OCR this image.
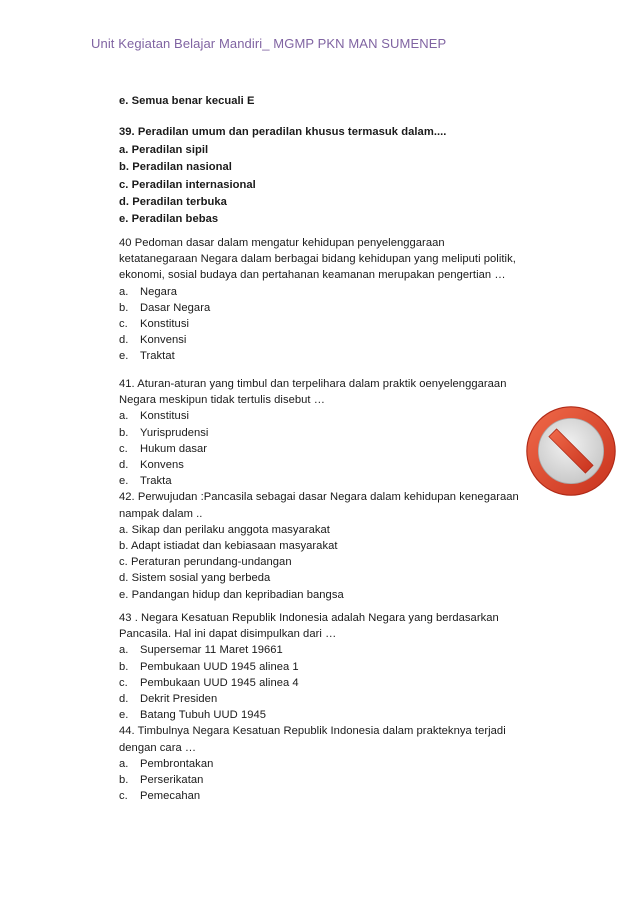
Unit Kegiatan Belajar Mandiri_ MGMP PKN MAN SUMENEP
e. Semua benar kecuali E
39. Peradilan umum dan peradilan khusus termasuk dalam....
a. Peradilan sipil
b. Peradilan nasional
c. Peradilan internasional
d. Peradilan terbuka
e. Peradilan bebas
40 Pedoman dasar dalam mengatur kehidupan penyelenggaraan
ketatanegaraan Negara dalam berbagai bidang kehidupan yang meliputi politik,
ekonomi, sosial budaya dan pertahanan keamanan merupakan pengertian …
a.	Negara
b.	Dasar Negara
c.	Konstitusi
d.	Konvensi
e.	Traktat
41. Aturan-aturan yang timbul dan terpelihara dalam praktik oenyelenggaraan
Negara meskipun tidak tertulis disebut …
a.	Konstitusi
b.	Yurisprudensi
c.	Hukum dasar
d.	Konvens
e.	Trakta
42. Perwujudan :Pancasila sebagai dasar Negara dalam kehidupan kenegaraan
nampak dalam ..
a. Sikap dan perilaku anggota masyarakat
b. Adapt istiadat dan kebiasaan masyarakat
c. Peraturan perundang-undangan
d. Sistem sosial yang berbeda
e. Pandangan hidup dan kepribadian bangsa
43 . Negara Kesatuan Republik Indonesia adalah Negara yang berdasarkan
Pancasila. Hal ini dapat disimpulkan dari …
a.	Supersemar 11 Maret 19661
b.	Pembukaan UUD 1945 alinea 1
c.	Pembukaan UUD 1945 alinea 4
d.	Dekrit Presiden
e.	Batang Tubuh UUD 1945
44. Timbulnya Negara Kesatuan Republik Indonesia dalam prakteknya terjadi
dengan cara …
a.	Pembrontakan
b.	Perserikatan
c.	Pemecahan
